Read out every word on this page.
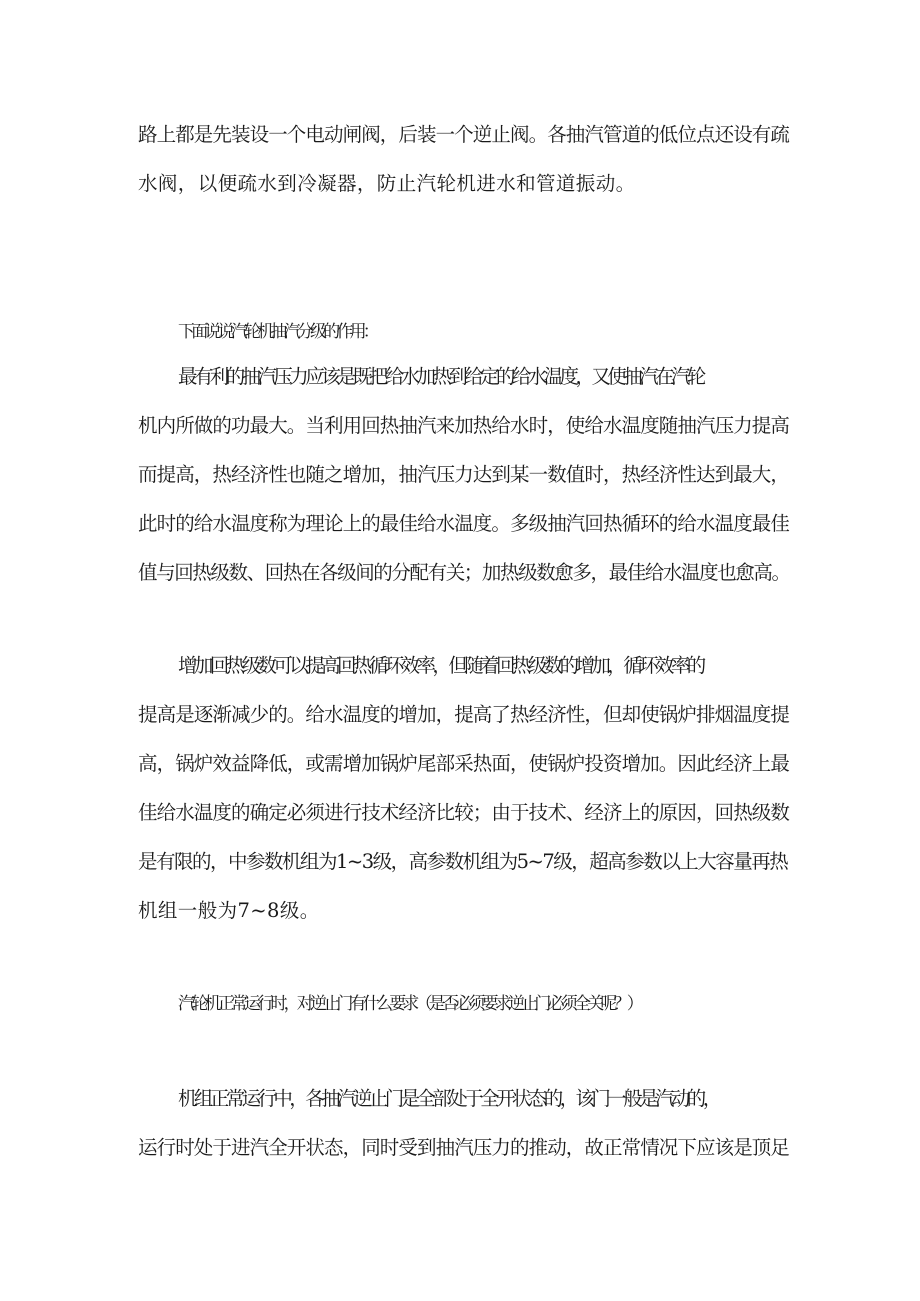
路上都是先装设一个电动闸阀，后装一个逆止阀。各抽汽管道的低位点还设有疏
水阀，以便疏水到冷凝器，防止汽轮机进水和管道振动。
下面说说汽轮机抽汽分级的作用：
最有利的抽汽压力应该是既把给水加热到给定的给水温度，又使抽汽在汽轮
机内所做的功最大。当利用回热抽汽来加热给水时，使给水温度随抽汽压力提高
而提高，热经济性也随之增加，抽汽压力达到某一数值时，热经济性达到最大，
此时的给水温度称为理论上的最佳给水温度。多级抽汽回热循环的给水温度最佳
值与回热级数、回热在各级间的分配有关；加热级数愈多，最佳给水温度也愈高。
增加回热级数可以提高回热循环效率，但随着回热级数的增加，循环效率的
提高是逐渐减少的。给水温度的增加，提高了热经济性，但却使锅炉排烟温度提
高，锅炉效益降低，或需增加锅炉尾部采热面，使锅炉投资增加。因此经济上最
佳给水温度的确定必须进行技术经济比较；由于技术、经济上的原因，回热级数
是有限的，中参数机组为1~3级，高参数机组为5~7级，超高参数以上大容量再热
机组一般为7~8级。
汽轮机正常运行时，对逆止门有什么要求（是否必须要求逆止门必须全关呢？）
机组正常运行中，各抽汽逆止门是全部处于全开状态的，该门一般是汽动的，
运行时处于进汽全开状态，同时受到抽汽压力的推动，故正常情况下应该是顶足
